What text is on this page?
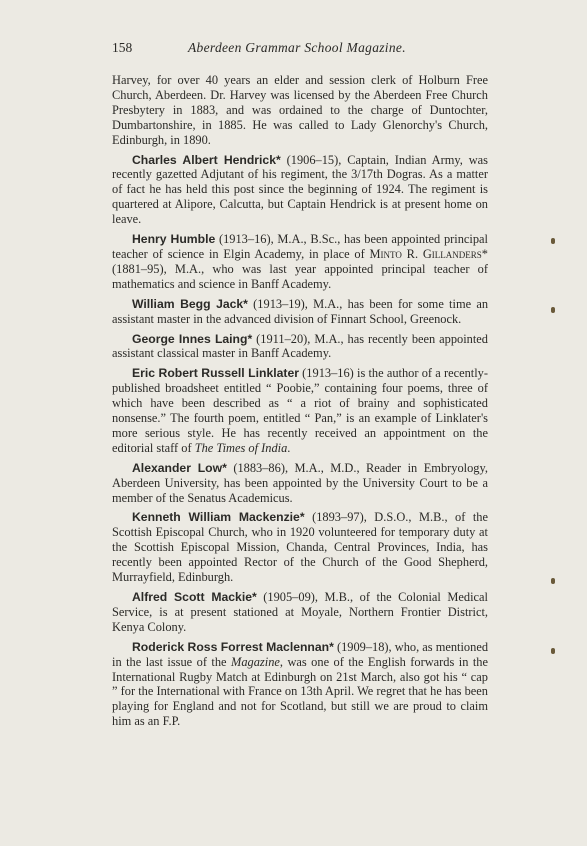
158	Aberdeen Grammar School Magazine.

Harvey, for over 40 years an elder and session clerk of Holburn Free Church, Aberdeen. Dr. Harvey was licensed by the Aberdeen Free Church Presbytery in 1883, and was ordained to the charge of Duntochter, Dumbartonshire, in 1885. He was called to Lady Glenorchy's Church, Edinburgh, in 1890.

Charles Albert Hendrick* (1906–15), Captain, Indian Army, was recently gazetted Adjutant of his regiment, the 3/17th Dogras. As a matter of fact he has held this post since the beginning of 1924. The regiment is quartered at Alipore, Calcutta, but Captain Hendrick is at present home on leave.

Henry Humble (1913–16), M.A., B.Sc., has been appointed principal teacher of science in Elgin Academy, in place of Minto R. Gillanders* (1881–95), M.A., who was last year appointed principal teacher of mathematics and science in Banff Academy.

William Begg Jack* (1913–19), M.A., has been for some time an assistant master in the advanced division of Finnart School, Greenock.

George Innes Laing* (1911–20), M.A., has recently been appointed assistant classical master in Banff Academy.

Eric Robert Russell Linklater (1913–16) is the author of a recently-published broadsheet entitled “ Poobie,” containing four poems, three of which have been described as “ a riot of brainy and sophisticated nonsense.” The fourth poem, entitled “ Pan,” is an example of Linklater's more serious style. He has recently received an appointment on the editorial staff of The Times of India.

Alexander Low* (1883–86), M.A., M.D., Reader in Embryology, Aberdeen University, has been appointed by the University Court to be a member of the Senatus Academicus.

Kenneth William Mackenzie* (1893–97), D.S.O., M.B., of the Scottish Episcopal Church, who in 1920 volunteered for temporary duty at the Scottish Episcopal Mission, Chanda, Central Provinces, India, has recently been appointed Rector of the Church of the Good Shepherd, Murrayfield, Edinburgh.

Alfred Scott Mackie* (1905–09), M.B., of the Colonial Medical Service, is at present stationed at Moyale, Northern Frontier District, Kenya Colony.

Roderick Ross Forrest Maclennan* (1909–18), who, as mentioned in the last issue of the Magazine, was one of the English forwards in the International Rugby Match at Edinburgh on 21st March, also got his “ cap ” for the International with France on 13th April. We regret that he has been playing for England and not for Scotland, but still we are proud to claim him as an F.P.
